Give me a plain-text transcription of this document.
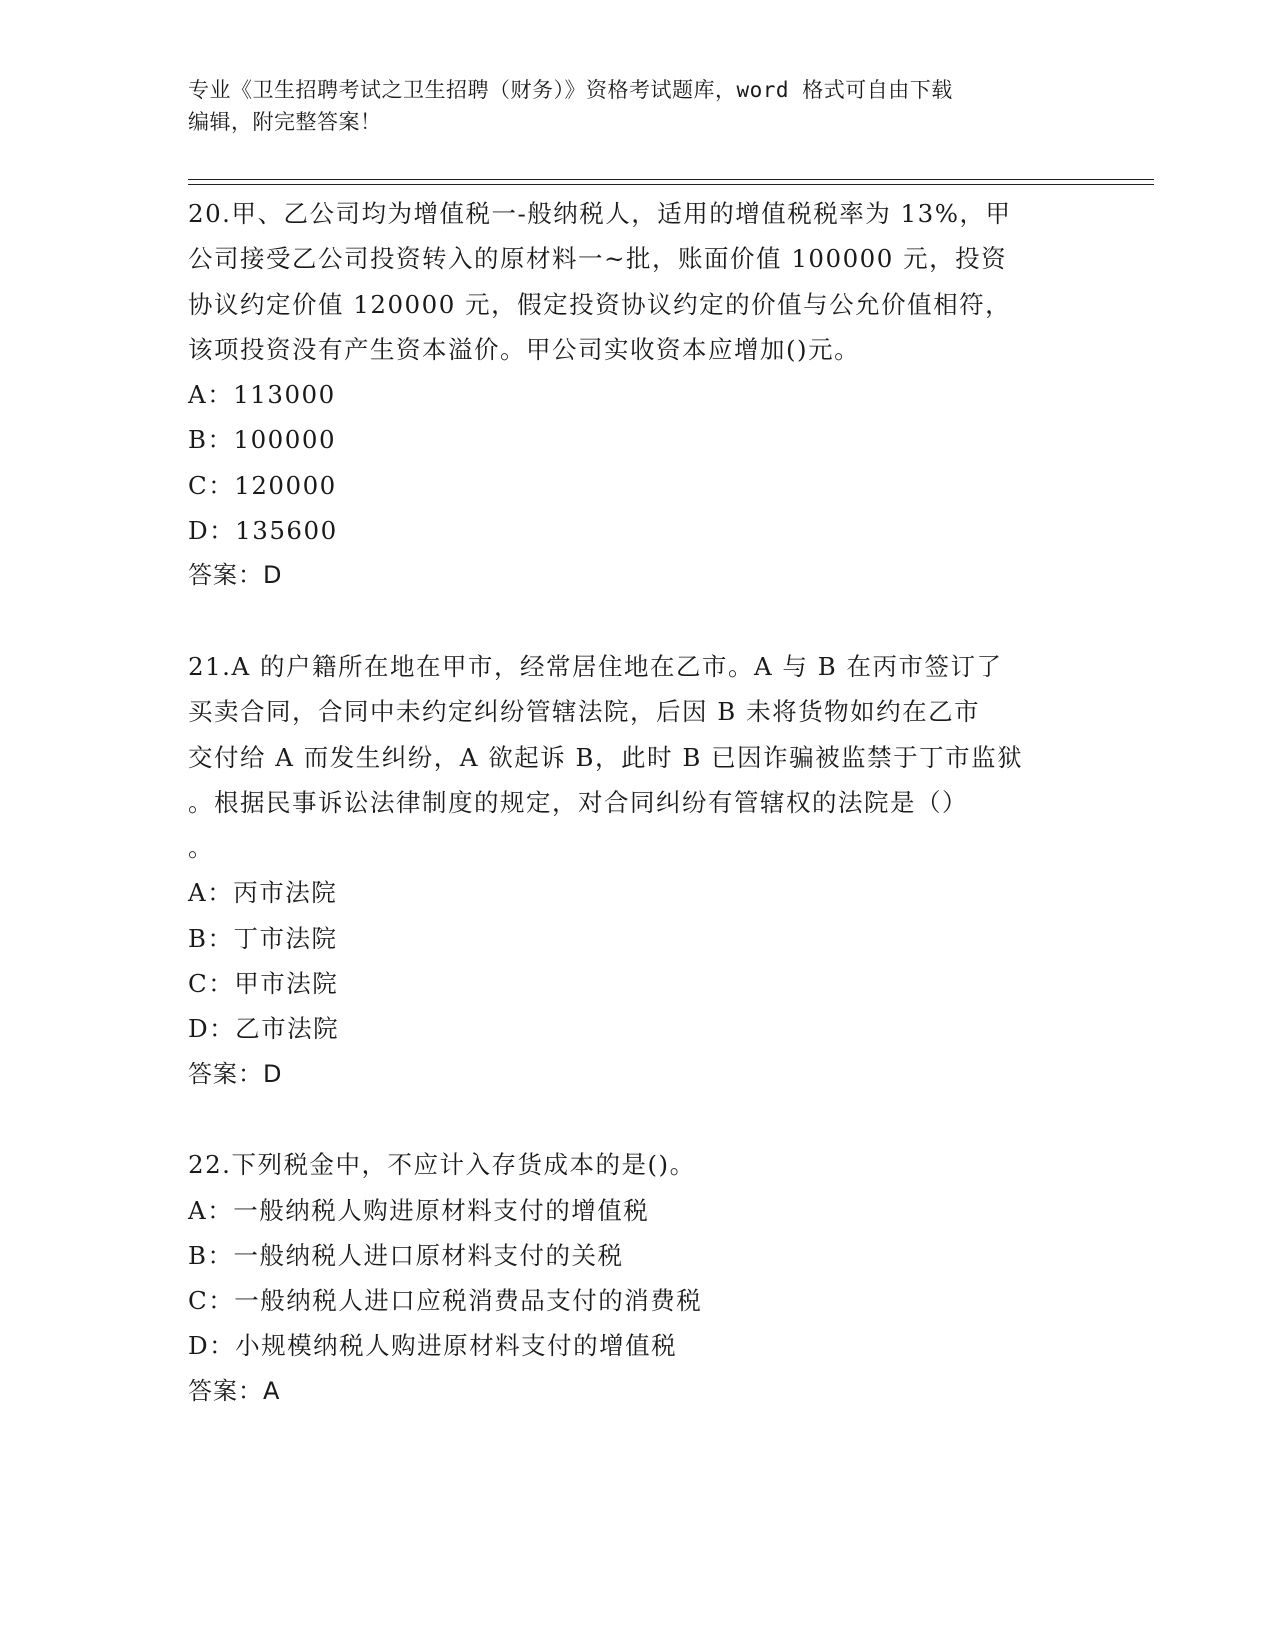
专业《卫生招聘考试之卫生招聘（财务）》资格考试题库，word 格式可自由下载
编辑，附完整答案！
20.甲、乙公司均为增值税一-般纳税人，适用的增值税税率为 13%，甲
公司接受乙公司投资转入的原材料一~批，账面价值 100000 元，投资
协议约定价值 120000 元，假定投资协议约定的价值与公允价值相符，
该项投资没有产生资本溢价。甲公司实收资本应增加()元。
A：113000
B：100000
C：120000
D：135600
答案：D
21.A 的户籍所在地在甲市，经常居住地在乙市。A 与 B 在丙市签订了
买卖合同，合同中未约定纠纷管辖法院，后因 B 未将货物如约在乙市
交付给 A 而发生纠纷，A 欲起诉 B，此时 B 已因诈骗被监禁于丁市监狱
。根据民事诉讼法律制度的规定，对合同纠纷有管辖权的法院是（）
。
A：丙市法院
B：丁市法院
C：甲市法院
D：乙市法院
答案：D
22.下列税金中，不应计入存货成本的是()。
A：一般纳税人购进原材料支付的增值税
B：一般纳税人进口原材料支付的关税
C：一般纳税人进口应税消费品支付的消费税
D：小规模纳税人购进原材料支付的增值税
答案：A
